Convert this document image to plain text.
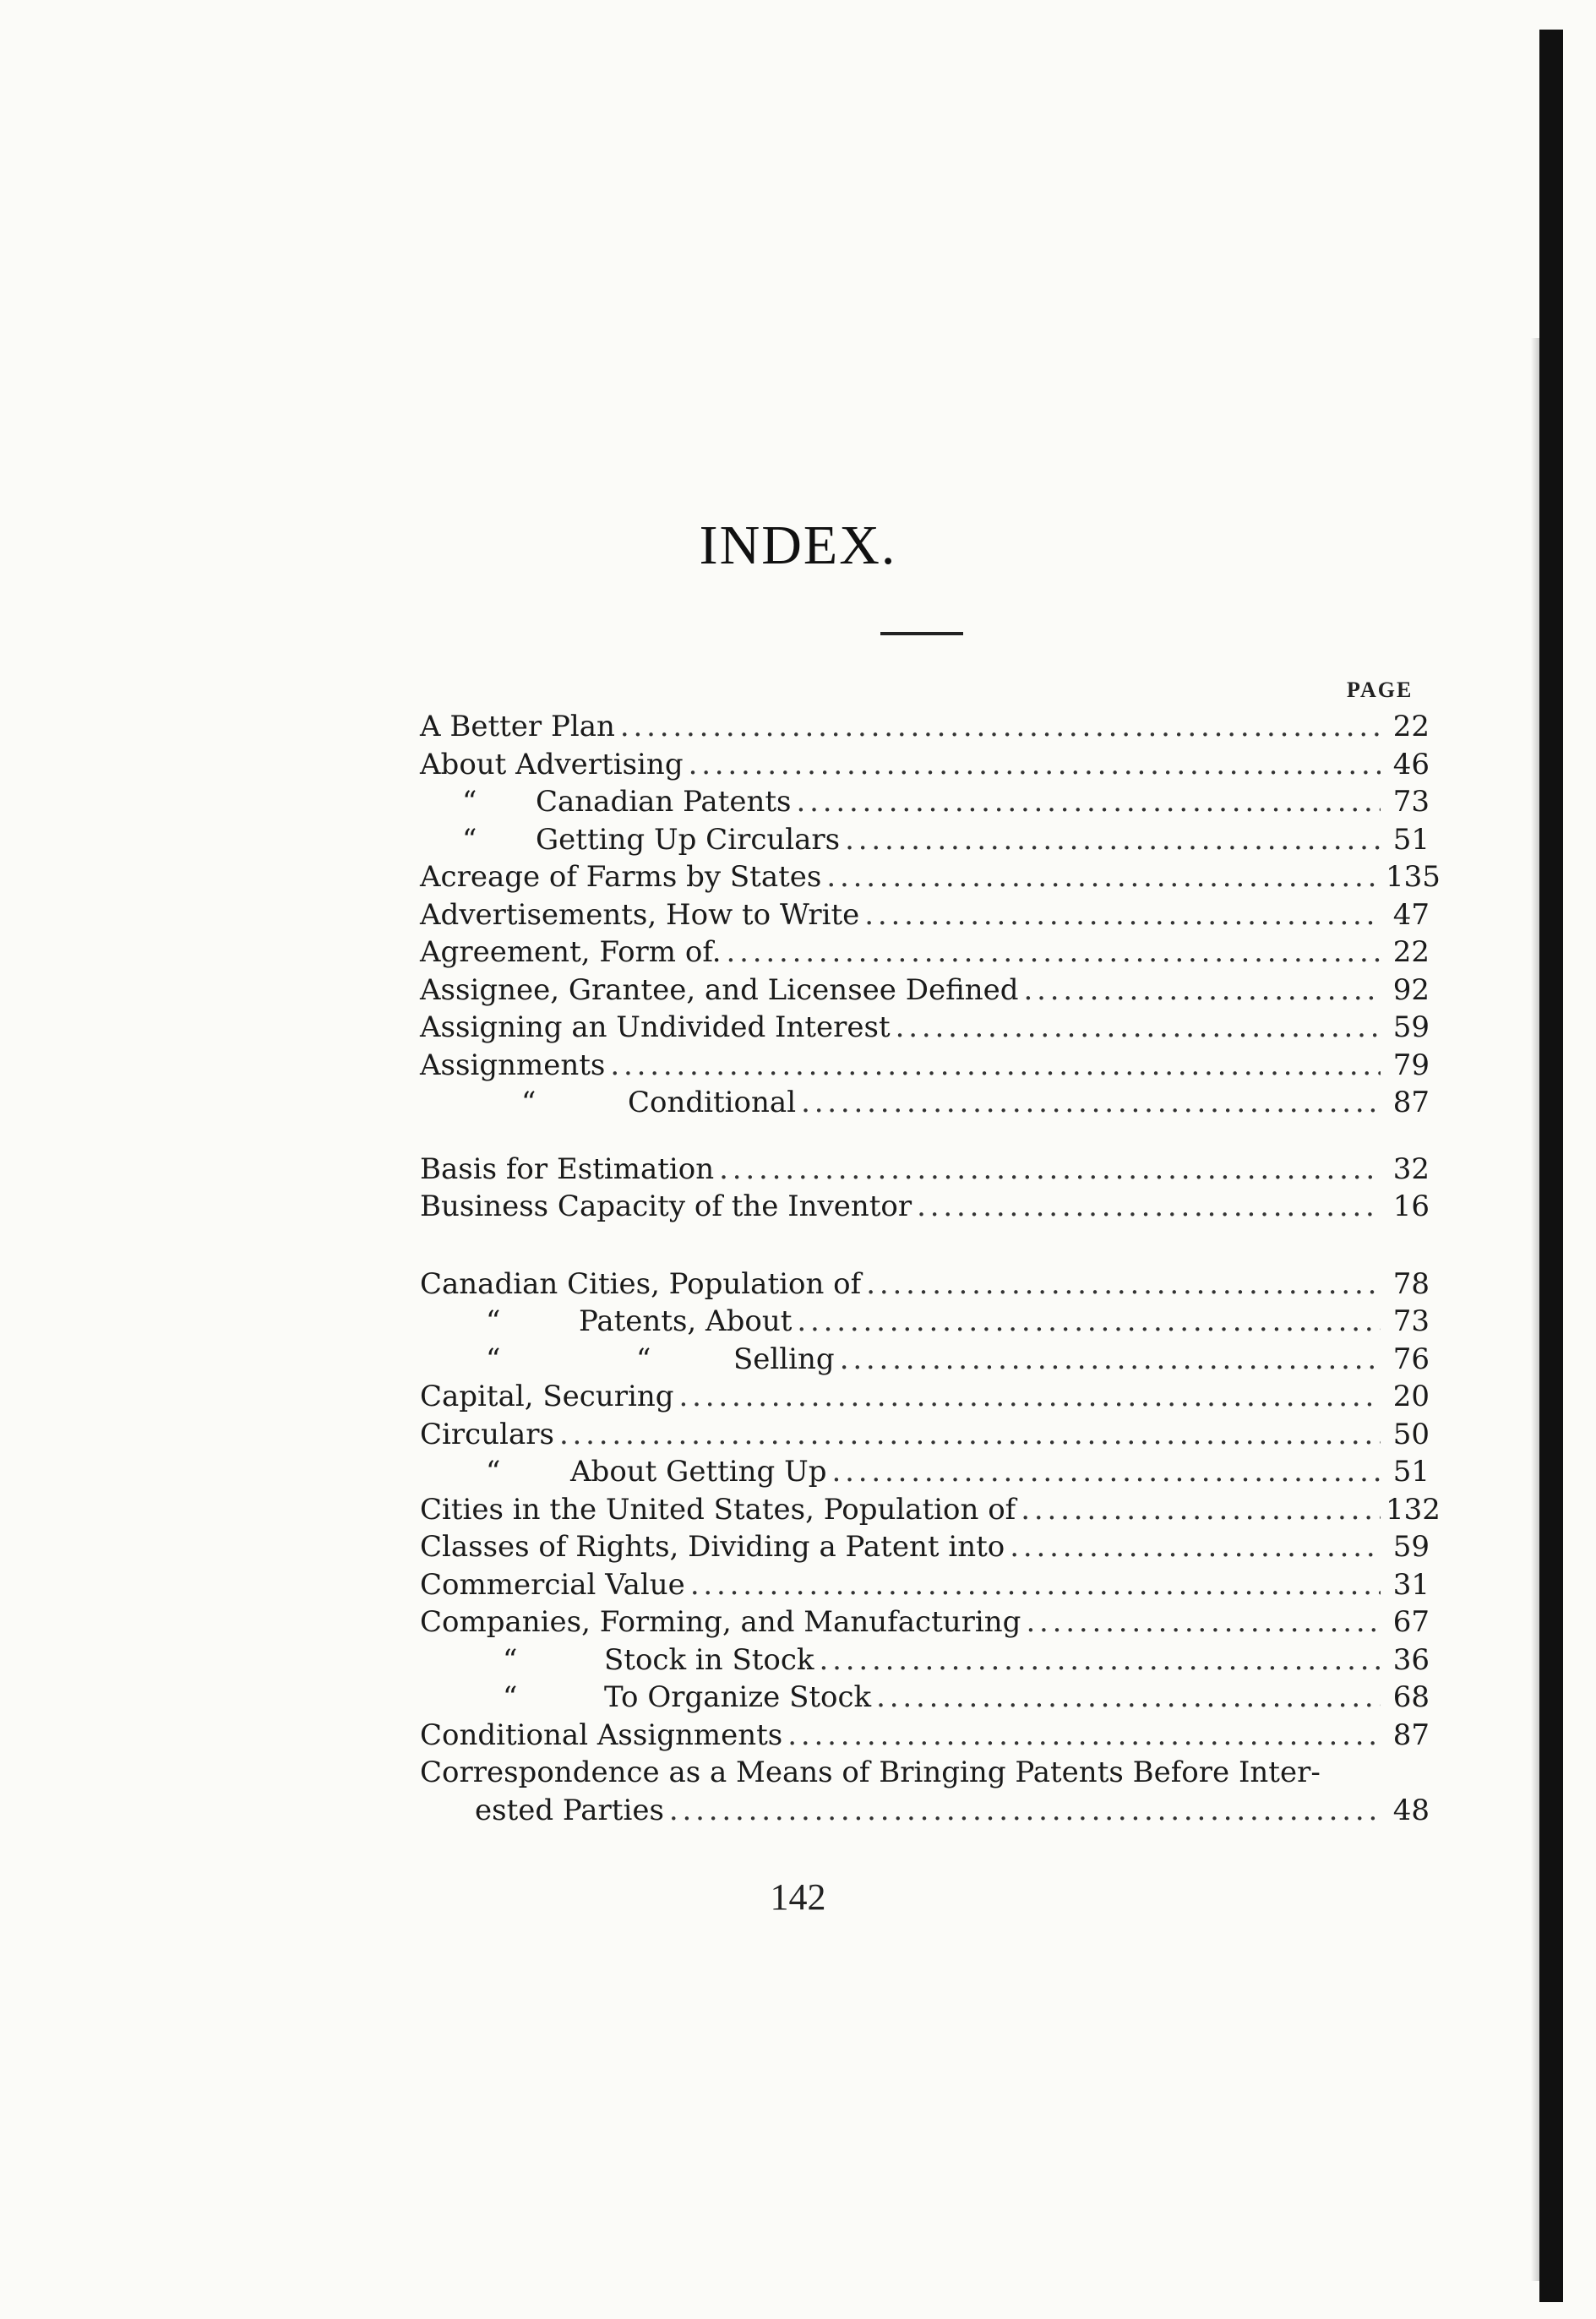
INDEX.
PAGE
A Better Plan . . .	22
About Advertising . . .	46
“ Canadian Patents . . .	73
“ Getting Up Circulars . . .	51
Acreage of Farms by States . . .	135
Advertisements, How to Write . . .	47
Agreement, Form of. . . .	22
Assignee, Grantee, and Licensee Defined . . .	92
Assigning an Undivided Interest . . .	59
Assignments . . .	79
“	Conditional . . .	87
Basis for Estimation . . .	32
Business Capacity of the Inventor . . .	16
Canadian Cities, Population of . . .	78
“	Patents, About . . .	73
“	“	Selling . . .	76
Capital, Securing . . .	20
Circulars . . .	50
“ About Getting Up . . .	51
Cities in the United States, Population of . . .	132
Classes of Rights, Dividing a Patent into . . .	59
Commercial Value . . .	31
Companies, Forming, and Manufacturing . . .	67
“	Stock in Stock . . .	36
“	To Organize Stock . . .	68
Conditional Assignments . . .	87
Correspondence as a Means of Bringing Patents Before Inter-
ested Parties . . .	48
142
